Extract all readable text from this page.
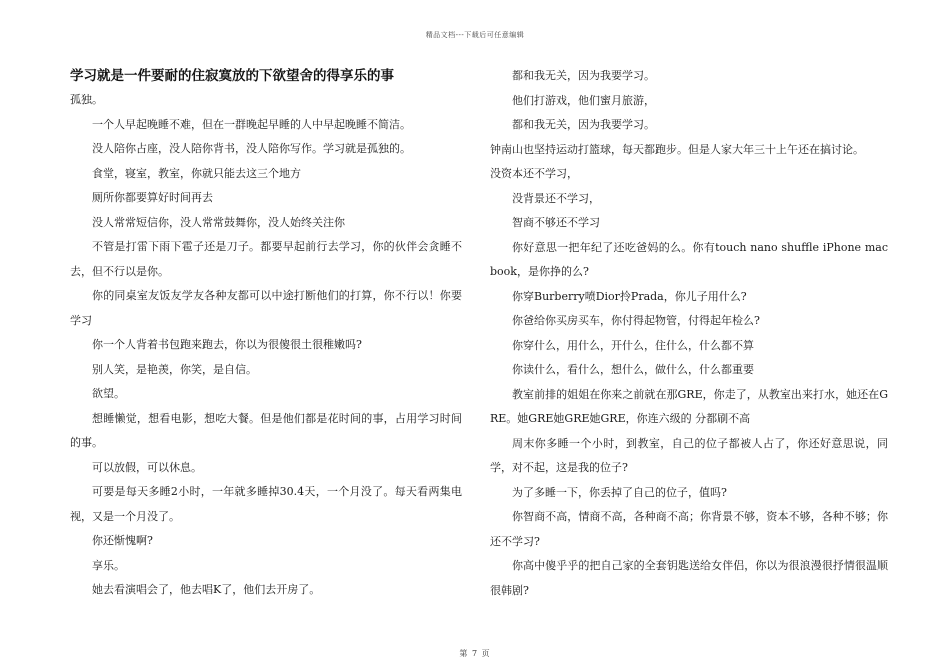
精品文档---下载后可任意编辑
学习就是一件要耐的住寂寞放的下欲望舍的得享乐的事

孤独。

一个人早起晚睡不难，但在一群晚起早睡的人中早起晚睡不简洁。

没人陪你占座，没人陪你背书，没人陪你写作。学习就是孤独的。

食堂，寝室，教室，你就只能去这三个地方

厕所你都要算好时间再去

没人常常短信你，没人常常鼓舞你，没人始终关注你

不管是打雷下雨下雹子还是刀子。都要早起前行去学习，你的伙伴会贪睡不去，但不行以是你。

你的同桌室友饭友学友各种友都可以中途打断他们的打算，你不行以！你要学习

你一个人背着书包跑来跑去，你以为很傻很土很稚嫩吗?

别人笑，是艳羡，你笑，是自信。

欲望。

想睡懒觉，想看电影，想吃大餐。但是他们都是花时间的事，占用学习时间的事。

可以放假，可以休息。

可要是每天多睡2小时，一年就多睡掉30.4天，一个月没了。每天看两集电视，又是一个月没了。

你还惭愧啊?

享乐。

她去看演唱会了，他去唱K了，他们去开房了。

都和我无关，因为我要学习。

他们打游戏，他们蜜月旅游，

都和我无关，因为我要学习。

钟南山也坚持运动打篮球，每天都跑步。但是人家大年三十上午还在搞讨论。

没资本还不学习，

没背景还不学习，

智商不够还不学习

你好意思一把年纪了还吃爸妈的么。你有touch nano shuffle iPhone macbook，是你挣的么?

你穿Burberry喷Dior拎Prada，你儿子用什么?

你爸给你买房买车，你付得起物管，付得起年检么?

你穿什么，用什么，开什么，住什么，什么都不算

你读什么，看什么，想什么，做什么，什么都重要

教室前排的姐姐在你来之前就在那GRE，你走了，从教室出来打水，她还在GRE。她GRE她GRE她GRE，你连六级的 分都刷不高

周末你多睡一个小时，到教室，自己的位子都被人占了，你还好意思说，同学，对不起，这是我的位子?

为了多睡一下，你丢掉了自己的位子，值吗?

你智商不高，情商不高，各种商不高；你背景不够，资本不够，各种不够；你还不学习?

你高中傻乎乎的把自己家的全套钥匙送给女伴侣，你以为很浪漫很抒情很温顺很韩剧?

第 7 页
